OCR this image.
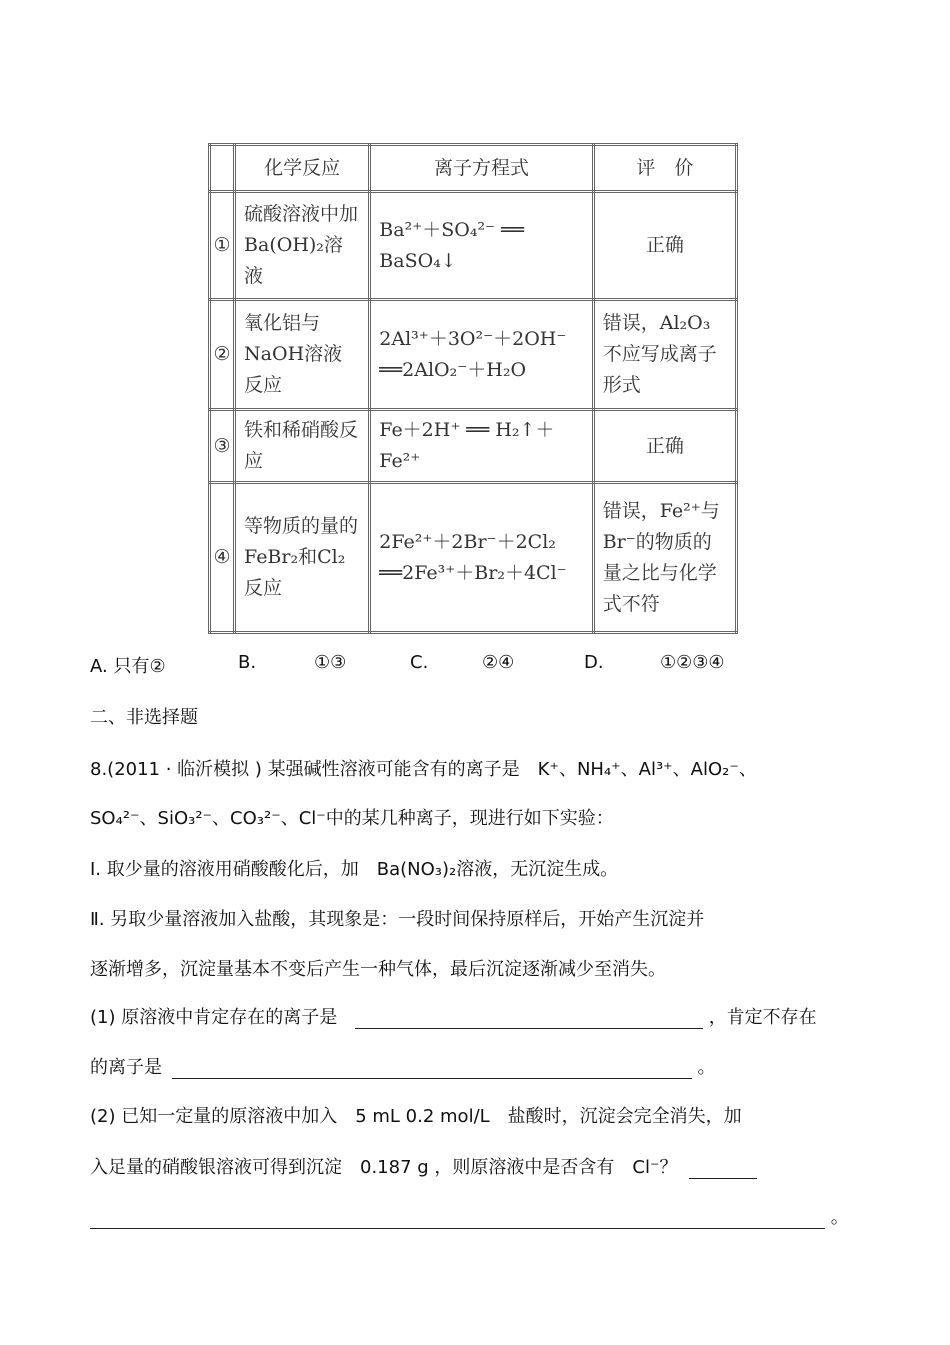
	化学反应	离子方程式	评　价
①	硫酸溶液中加Ba(OH)₂溶液	Ba²⁺＋SO₄²⁻ ══ BaSO₄↓	正确
②	氧化铝与NaOH溶液反应	2Al³⁺＋3O²⁻＋2OH⁻ ══2AlO₂⁻＋H₂O	错误，Al₂O₃不应写成离子形式
③	铁和稀硝酸反应	Fe＋2H⁺ ══ H₂↑＋Fe²⁺	正确
④	等物质的量的FeBr₂和Cl₂反应	2Fe²⁺＋2Br⁻＋2Cl₂ ══2Fe³⁺＋Br₂＋4Cl⁻	错误，Fe²⁺与Br⁻的物质的量之比与化学式不符
A. 只有②	B.	①③	C.	②④	D.	①②③④
二、非选择题
8.(2011 · 临沂模拟 ) 某强碱性溶液可能含有的离子是　K⁺、NH₄⁺、Al³⁺、AlO₂⁻、
SO₄²⁻、SiO₃²⁻、CO₃²⁻、Cl⁻中的某几种离子，现进行如下实验：
Ⅰ. 取少量的溶液用硝酸酸化后，加　Ba(NO₃)₂溶液，无沉淀生成。
Ⅱ. 另取少量溶液加入盐酸，其现象是：一段时间保持原样后，开始产生沉淀并
逐渐增多，沉淀量基本不变后产生一种气体，最后沉淀逐渐减少至消失。
(1) 原溶液中肯定存在的离子是	，肯定不存在
的离子是	。
(2) 已知一定量的原溶液中加入　5 mL 0.2 mol/L　盐酸时，沉淀会完全消失，加
入足量的硝酸银溶液可得到沉淀　0.187 g ，则原溶液中是否含有　Cl⁻？
。
